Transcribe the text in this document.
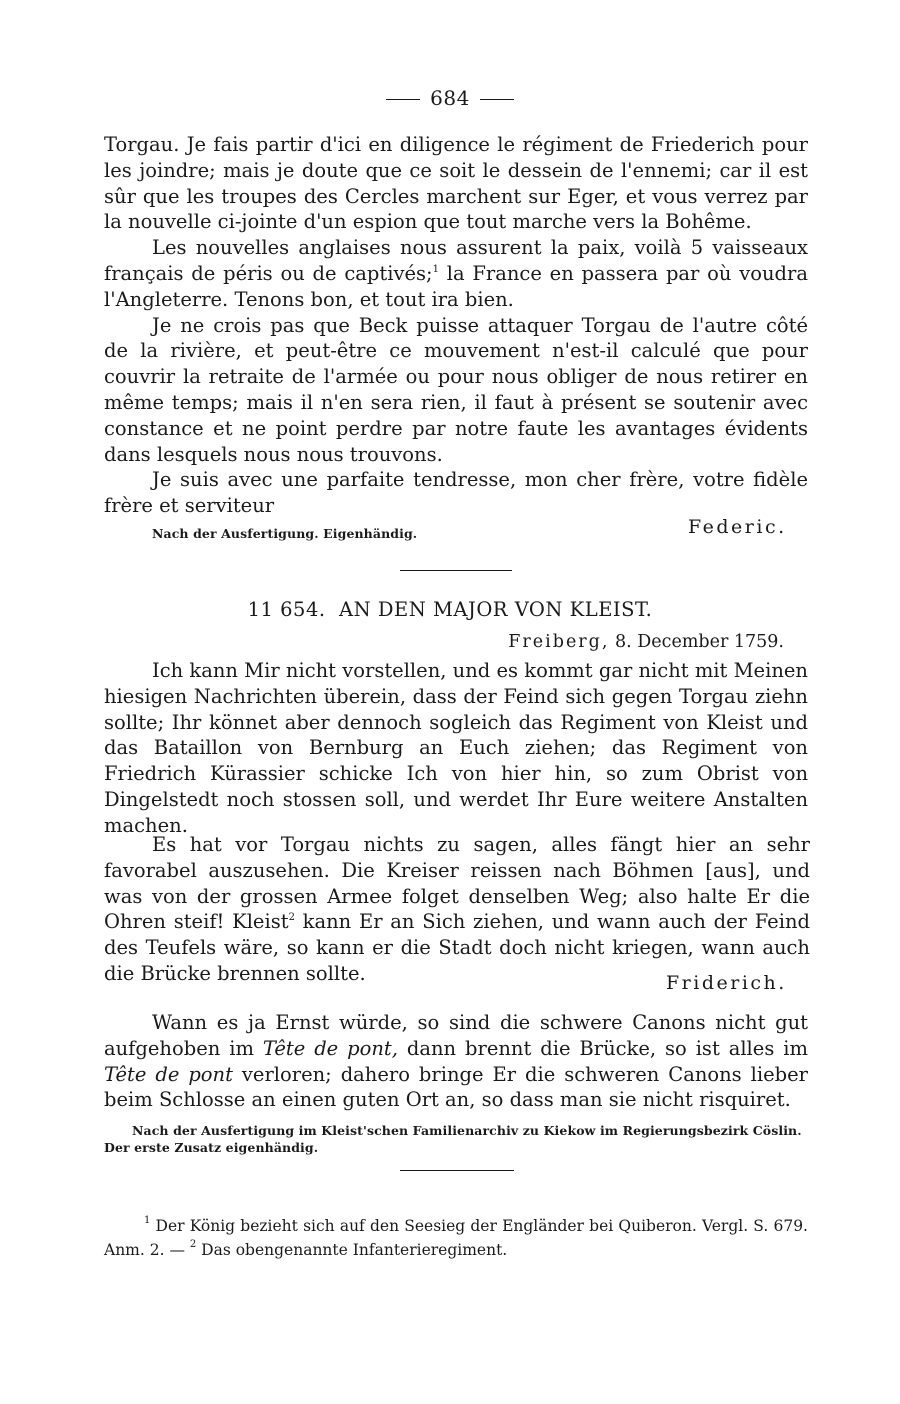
684

Torgau. Je fais partir d'ici en diligence le régiment de Friederich pour les joindre; mais je doute que ce soit le dessein de l'ennemi; car il est sûr que les troupes des Cercles marchent sur Eger, et vous verrez par la nouvelle ci-jointe d'un espion que tout marche vers la Bohême.

Les nouvelles anglaises nous assurent la paix, voilà 5 vaisseaux français de péris ou de captivés;$^1$ la France en passera par où voudra l'Angleterre. Tenons bon, et tout ira bien.

Je ne crois pas que Beck puisse attaquer Torgau de l'autre côté de la rivière, et peut-être ce mouvement n'est-il calculé que pour couvrir la retraite de l'armée ou pour nous obliger de nous retirer en même temps; mais il n'en sera rien, il faut à présent se soutenir avec constance et ne point perdre par notre faute les avantages évidents dans lesquels nous nous trouvons.

Je suis avec une parfaite tendresse, mon cher frère, votre fidèle frère et serviteur

Nach der Ausfertigung. Eigenhändig.	Federic.
11 654. AN DEN MAJOR VON KLEIST.
Freiberg, 8. December 1759.

Ich kann Mir nicht vorstellen, und es kommt gar nicht mit Meinen hiesigen Nachrichten überein, dass der Feind sich gegen Torgau ziehn sollte; Ihr könnet aber dennoch sogleich das Regiment von Kleist und das Bataillon von Bernburg an Euch ziehen; das Regiment von Friedrich Kürassier schicke Ich von hier hin, so zum Obrist von Dingelstedt noch stossen soll, und werdet Ihr Eure weitere Anstalten machen.

Es hat vor Torgau nichts zu sagen, alles fängt hier an sehr favorabel auszusehen. Die Kreiser reissen nach Böhmen [aus], und was von der grossen Armee folget denselben Weg; also halte Er die Ohren steif! Kleist$^2$ kann Er an Sich ziehen, und wann auch der Feind des Teufels wäre, so kann er die Stadt doch nicht kriegen, wann auch die Brücke brennen sollte.	Friderich.

Wann es ja Ernst würde, so sind die schwere Canons nicht gut aufgehoben im Tête de pont, dann brennt die Brücke, so ist alles im Tête de pont verloren; dahero bringe Er die schweren Canons lieber beim Schlosse an einen guten Ort an, so dass man sie nicht risquiret.

Nach der Ausfertigung im Kleist'schen Familienarchiv zu Kiekow im Regierungsbezirk Cöslin.
Der erste Zusatz eigenhändig.

$^1$ Der König bezieht sich auf den Seesieg der Engländer bei Quiberon. Vergl. S. 679. Anm. 2. — $^2$ Das obengenannte Infanterieregiment.
